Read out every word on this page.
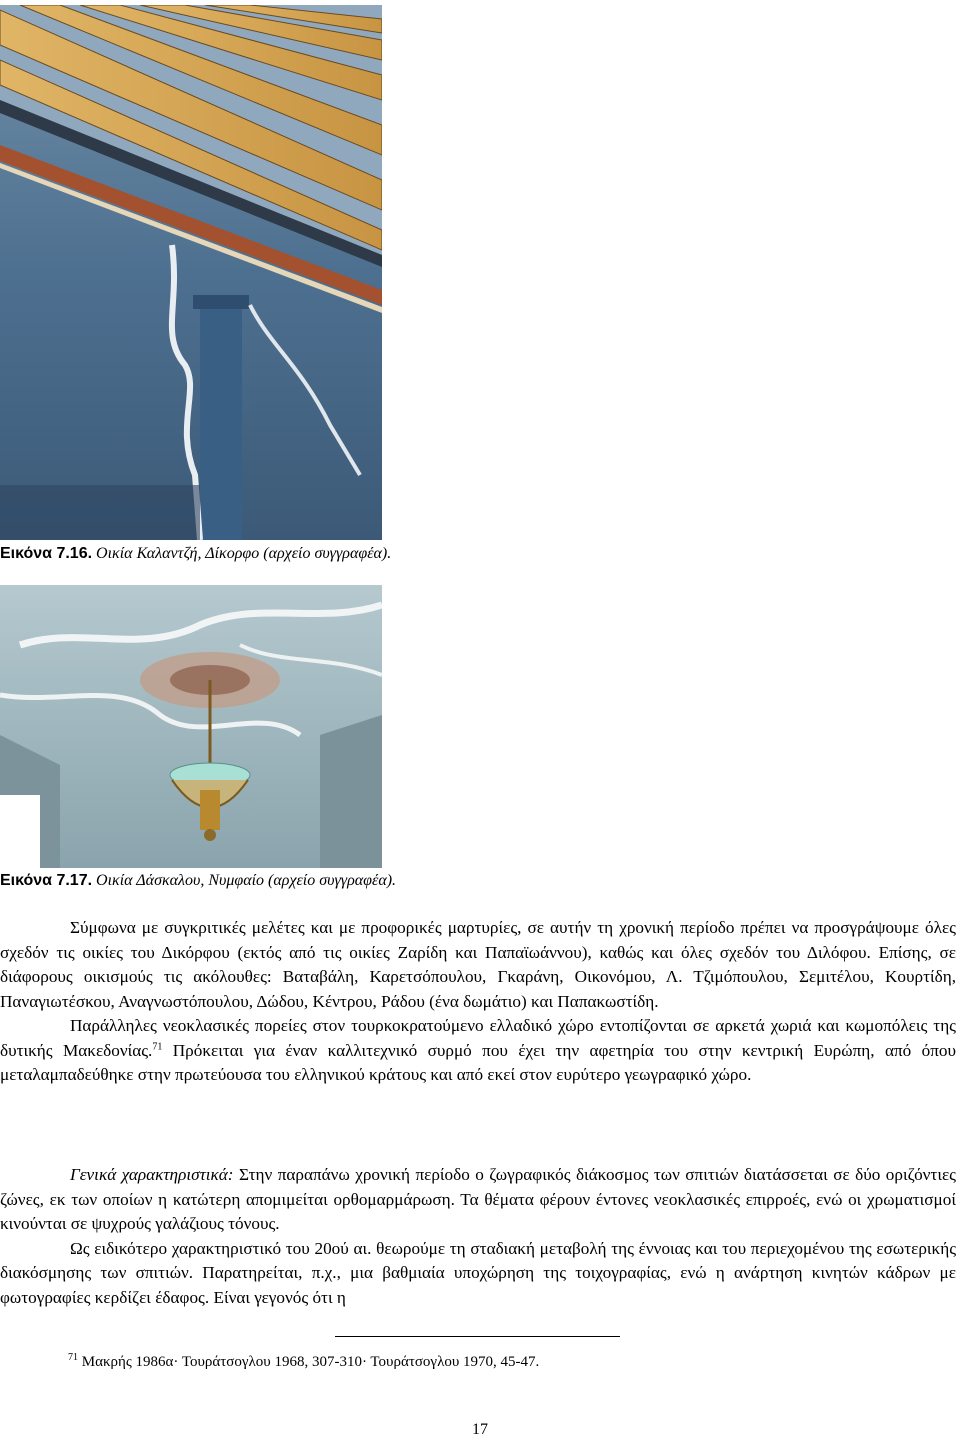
Εικόνα 7.16. Οικία Καλαντζή, Δίκορφο (αρχείο συγγραφέα).
Εικόνα 7.17. Οικία Δάσκαλου, Νυμφαίο (αρχείο συγγραφέα).

Σύμφωνα με συγκριτικές μελέτες και με προφορικές μαρτυρίες, σε αυτήν τη χρονική περίοδο πρέπει να προσγράψουμε όλες σχεδόν τις οικίες του Δικόρφου (εκτός από τις οικίες Ζαρίδη και Παπαϊωάννου), καθώς και όλες σχεδόν του Διλόφου. Επίσης, σε διάφορους οικισμούς τις ακόλουθες: Βαταβάλη, Καρετσόπουλου, Γκαράνη, Οικονόμου, Λ. Τζιμόπουλου, Σεμιτέλου, Κουρτίδη, Παναγιωτέσκου, Αναγνωστόπουλου, Δώδου, Κέντρου, Ράδου (ένα δωμάτιο) και Παπακωστίδη.

Παράλληλες νεοκλασικές πορείες στον τουρκοκρατούμενο ελλαδικό χώρο εντοπίζονται σε αρκετά χωριά και κωμοπόλεις της δυτικής Μακεδονίας.$^{71}$ Πρόκειται για έναν καλλιτεχνικό συρμό που έχει την αφετηρία του στην κεντρική Ευρώπη, από όπου μεταλαμπαδεύθηκε στην πρωτεύουσα του ελληνικού κράτους και από εκεί στον ευρύτερο γεωγραφικό χώρο.

Γενικά χαρακτηριστικά: Στην παραπάνω χρονική περίοδο ο ζωγραφικός διάκοσμος των σπιτιών διατάσσεται σε δύο οριζόντιες ζώνες, εκ των οποίων η κατώτερη απομιμείται ορθομαρμάρωση. Τα θέματα φέρουν έντονες νεοκλασικές επιρροές, ενώ οι χρωματισμοί κινούνται σε ψυχρούς γαλάζιους τόνους.

Ως ειδικότερο χαρακτηριστικό του 20ού αι. θεωρούμε τη σταδιακή μεταβολή της έννοιας και του περιεχομένου της εσωτερικής διακόσμησης των σπιτιών. Παρατηρείται, π.χ., μια βαθμιαία υποχώρηση της τοιχογραφίας, ενώ η ανάρτηση κινητών κάδρων με φωτογραφίες κερδίζει έδαφος. Είναι γεγονός ότι η

$^{71}$ Μακρής 1986α· Τουράτσογλου 1968, 307-310· Τουράτσογλου 1970, 45-47.
17
